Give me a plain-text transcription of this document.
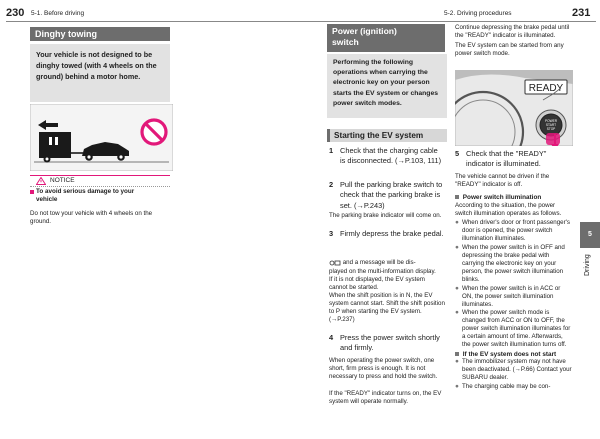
230 5-1. Before driving	5-2. Driving procedures	231
5
Driving
Dinghy towing
Your vehicle is not designed to be dinghy towed (with 4 wheels on the ground) behind a motor home.
NOTICE
To avoid serious damage to your vehicle
Do not tow your vehicle with 4 wheels on the ground.
Power (ignition)
switch
Performing the following operations when carrying the electronic key on your person starts the EV system or changes power switch modes.
Starting the EV system
1 Check that the charging cable is disconnected. (→P.103, 111)
2 Pull the parking brake switch to check that the parking brake is set. (→P.243)
The parking brake indicator will come on.
3 Firmly depress the brake pedal.
and a message will be dis-
played on the multi-information display.
If it is not displayed, the EV system cannot be started.
When the shift position is in N, the EV system cannot start. Shift the shift position to P when starting the EV system. (→P.237)
4 Press the power switch shortly and firmly.
When operating the power switch, one short, firm press is enough. It is not necessary to press and hold the switch.
If the "READY" indicator turns on, the EV system will operate normally.
Continue depressing the brake pedal until the "READY" indicator is illuminated.
The EV system can be started from any power switch mode.
READY
POWER
START
STOP
5 Check that the "READY" indicator is illuminated.
The vehicle cannot be driven if the "READY" indicator is off.
Power switch illumination
According to the situation, the power switch illumination operates as follows.
● When driver's door or front passenger's door is opened, the power switch illumination illuminates.
● When the power switch is in OFF and depressing the brake pedal with carrying the electronic key on your person, the power switch illumination blinks.
● When the power switch is in ACC or ON, the power switch illumination illuminates.
● When the power switch mode is changed from ACC or ON to OFF, the power switch illumination illuminates for a certain amount of time. Afterwards, the power switch illumination turns off.
If the EV system does not start
● The immobilizer system may not have been deactivated. (→P.66) Contact your SUBARU dealer.
● The charging cable may be con-
